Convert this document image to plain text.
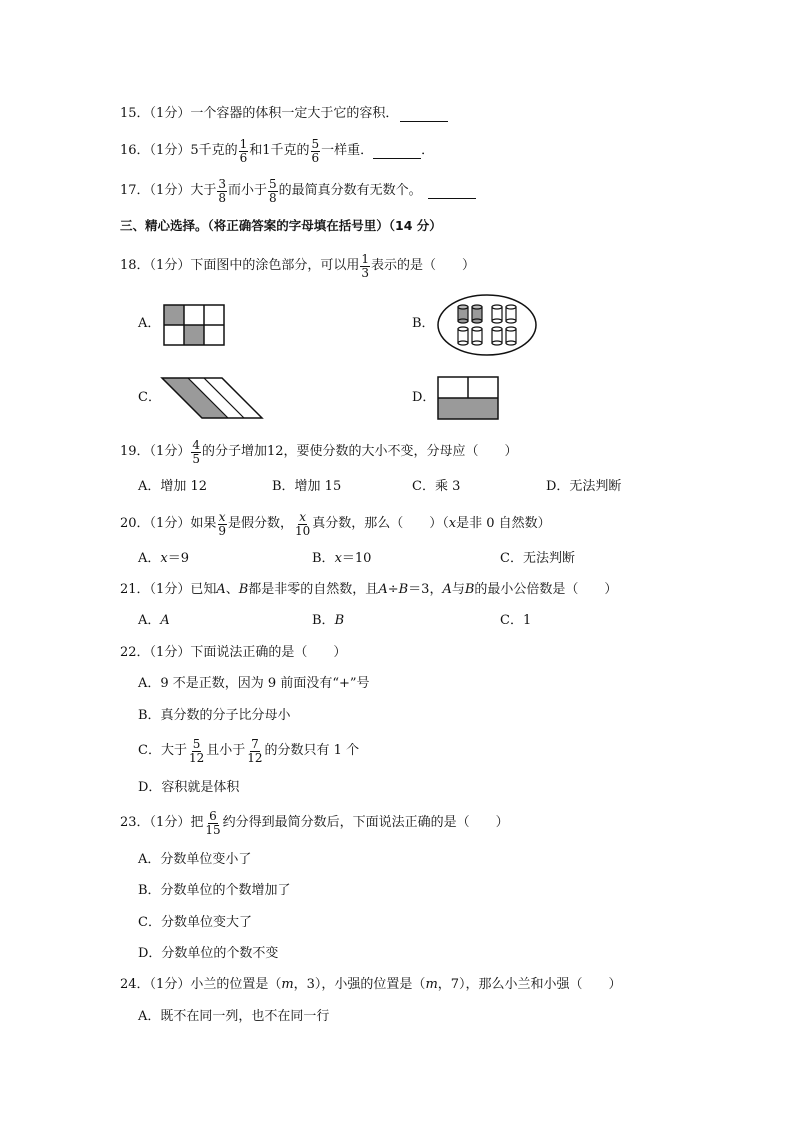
15．（1分）一个容器的体积一定大于它的容积．
16．（1分）5千克的 $\frac{1}{6}$ 和1千克的 $\frac{5}{6}$ 一样重．	．
17．（1分）大于 $\frac{3}{8}$ 而小于 $\frac{5}{8}$ 的最简真分数有无数个。
三、精心选择。（将正确答案的字母填在括号里）（14 分）
18．（1分）下面图中的涂色部分，可以用 $\frac{1}{3}$ 表示的是（　　）
A．	B．
C．	D．
19．（1分） $\frac{4}{5}$ 的分子增加12，要使分数的大小不变，分母应（　　）
A．增加 12	B．增加 15	C．乘 3	D．无法判断
20．（1分）如果 $\frac{x}{9}$ 是假分数， $\frac{x}{10}$ 真分数，那么（　　）（ x 是非 0 自然数）
A．x＝9	B．x＝10	C．无法判断
21．（1分）已知 A 、 B 都是非零的自然数，且 A ÷ B ＝3， A 与 B 的最小公倍数是（　　）
A．A	B．B	C．1
22．（1分）下面说法正确的是（　　）
A．9 不是正数，因为 9 前面没有“+”号
B．真分数的分子比分母小
C．大于 $\frac{5}{12}$ 且小于 $\frac{7}{12}$ 的分数只有 1 个
D．容积就是体积
23．（1分）把 $\frac{6}{15}$ 约分得到最简分数后，下面说法正确的是（　　）
A．分数单位变小了
B．分数单位的个数增加了
C．分数单位变大了
D．分数单位的个数不变
24．（1分）小兰的位置是（ m ，3），小强的位置是（ m ，7），那么小兰和小强（　　）
A．既不在同一列，也不在同一行
